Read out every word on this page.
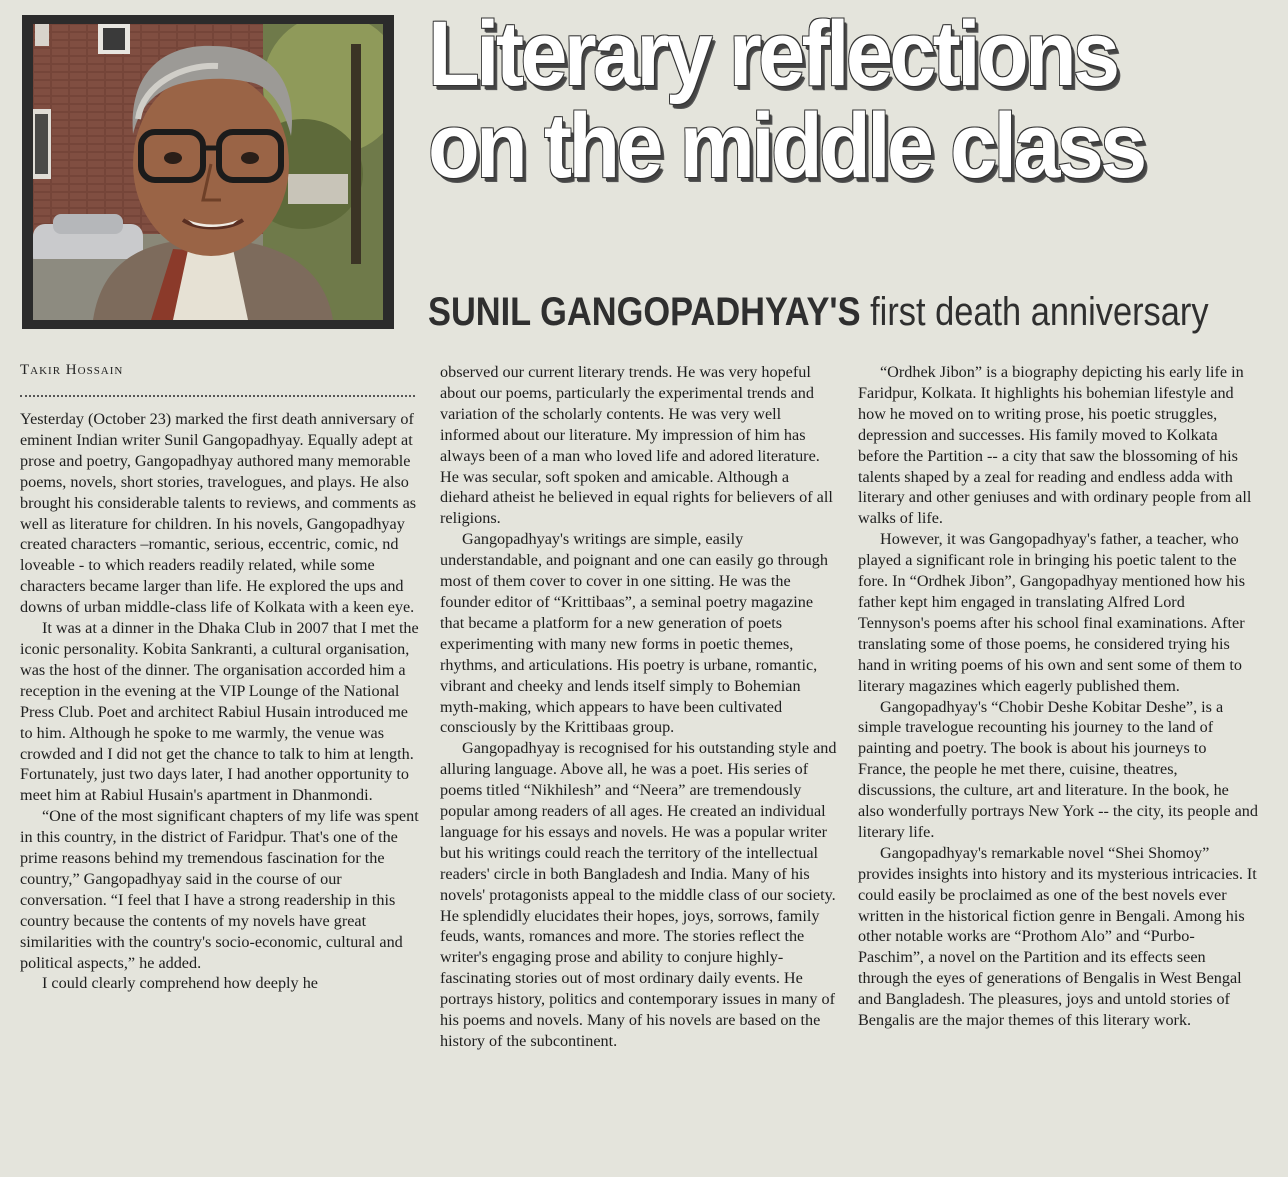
Literary reflections
on the middle class
SUNIL GANGOPADHYAY'S first death anniversary
Takir Hossain

Yesterday (October 23) marked the first death anniversary of eminent Indian writer Sunil Gangopadhyay. Equally adept at prose and poetry, Gangopadhyay authored many memorable poems, novels, short stories, travelogues, and plays. He also brought his considerable talents to reviews, and comments as well as literature for children. In his novels, Gangopadhyay created characters –romantic, serious, eccentric, comic, nd loveable - to which readers readily related, while some characters became larger than life. He explored the ups and downs of urban middle-class life of Kolkata with a keen eye.

It was at a dinner in the Dhaka Club in 2007 that I met the iconic personality. Kobita Sankranti, a cultural organisation, was the host of the dinner. The organisation accorded him a reception in the evening at the VIP Lounge of the National Press Club. Poet and architect Rabiul Husain introduced me to him. Although he spoke to me warmly, the venue was crowded and I did not get the chance to talk to him at length. Fortunately, just two days later, I had another opportunity to meet him at Rabiul Husain's apartment in Dhanmondi.

“One of the most significant chapters of my life was spent in this country, in the district of Faridpur. That's one of the prime reasons behind my tremendous fascination for the country,” Gangopadhyay said in the course of our conversation. “I feel that I have a strong readership in this country because the contents of my novels have great similarities with the country's socio-economic, cultural and political aspects,” he added.

I could clearly comprehend how deeply he

observed our current literary trends. He was very hopeful about our poems, particularly the experimental trends and variation of the scholarly contents. He was very well informed about our literature. My impression of him has always been of a man who loved life and adored literature. He was secular, soft spoken and amicable. Although a diehard atheist he believed in equal rights for believers of all religions.

Gangopadhyay's writings are simple, easily understandable, and poignant and one can easily go through most of them cover to cover in one sitting. He was the founder editor of “Krittibaas”, a seminal poetry magazine that became a platform for a new generation of poets experimenting with many new forms in poetic themes, rhythms, and articulations. His poetry is urbane, romantic, vibrant and cheeky and lends itself simply to Bohemian myth-making, which appears to have been cultivated consciously by the Krittibaas group.

Gangopadhyay is recognised for his outstanding style and alluring language. Above all, he was a poet. His series of poems titled “Nikhilesh” and “Neera” are tremendously popular among readers of all ages. He created an individual language for his essays and novels. He was a popular writer but his writings could reach the territory of the intellectual readers' circle in both Bangladesh and India. Many of his novels' protagonists appeal to the middle class of our society. He splendidly elucidates their hopes, joys, sorrows, family feuds, wants, romances and more. The stories reflect the writer's engaging prose and ability to conjure highly-fascinating stories out of most ordinary daily events. He portrays history, politics and contemporary issues in many of his poems and novels. Many of his novels are based on the history of the subcontinent.

“Ordhek Jibon” is a biography depicting his early life in Faridpur, Kolkata. It highlights his bohemian lifestyle and how he moved on to writing prose, his poetic struggles, depression and successes. His family moved to Kolkata before the Partition -- a city that saw the blossoming of his talents shaped by a zeal for reading and endless adda with literary and other geniuses and with ordinary people from all walks of life.

However, it was Gangopadhyay's father, a teacher, who played a significant role in bringing his poetic talent to the fore. In “Ordhek Jibon”, Gangopadhyay mentioned how his father kept him engaged in translating Alfred Lord Tennyson's poems after his school final examinations. After translating some of those poems, he considered trying his hand in writing poems of his own and sent some of them to literary magazines which eagerly published them.

Gangopadhyay's “Chobir Deshe Kobitar Deshe”, is a simple travelogue recounting his journey to the land of painting and poetry. The book is about his journeys to France, the people he met there, cuisine, theatres, discussions, the culture, art and literature. In the book, he also wonderfully portrays New York -- the city, its people and literary life.

Gangopadhyay's remarkable novel “Shei Shomoy” provides insights into history and its mysterious intricacies. It could easily be proclaimed as one of the best novels ever written in the historical fiction genre in Bengali. Among his other notable works are “Prothom Alo” and “Purbo-Paschim”, a novel on the Partition and its effects seen through the eyes of generations of Bengalis in West Bengal and Bangladesh. The pleasures, joys and untold stories of Bengalis are the major themes of this literary work.
